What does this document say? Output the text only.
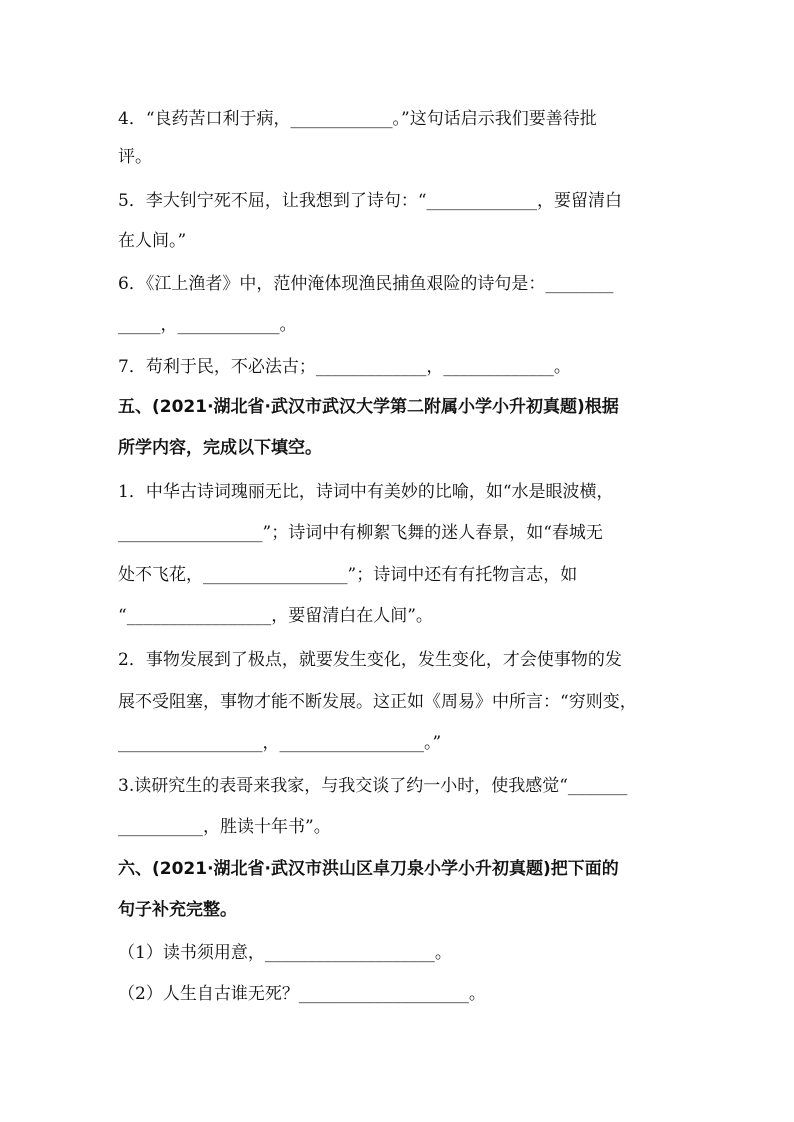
4．“良药苦口利于病，____________。”这句话启示我们要善待批
评。
5．李大钊宁死不屈，让我想到了诗句：“_____________，要留清白
在人间。”
6．《江上渔者》中，范仲淹体现渔民捕鱼艰险的诗句是：________
_____，____________。
7．苟利于民，不必法古；_____________，_____________。
五、(2021·湖北省·武汉市武汉大学第二附属小学小升初真题)根据
所学内容，完成以下填空。
1．中华古诗词瑰丽无比，诗词中有美妙的比喻，如“水是眼波横，
_________________”；诗词中有柳絮飞舞的迷人春景，如“春城无
处不飞花，_________________”；诗词中还有有托物言志，如
“_________________，要留清白在人间”。
2．事物发展到了极点，就要发生变化，发生变化，才会使事物的发
展不受阻塞，事物才能不断发展。这正如《周易》中所言：“穷则变，
_________________，_________________。”
3.读研究生的表哥来我家，与我交谈了约一小时，使我感觉“_______
__________，胜读十年书”。
六、(2021·湖北省·武汉市洪山区卓刀泉小学小升初真题)把下面的
句子补充完整。
（1）读书须用意，____________________。
（2）人生自古谁无死？____________________。
